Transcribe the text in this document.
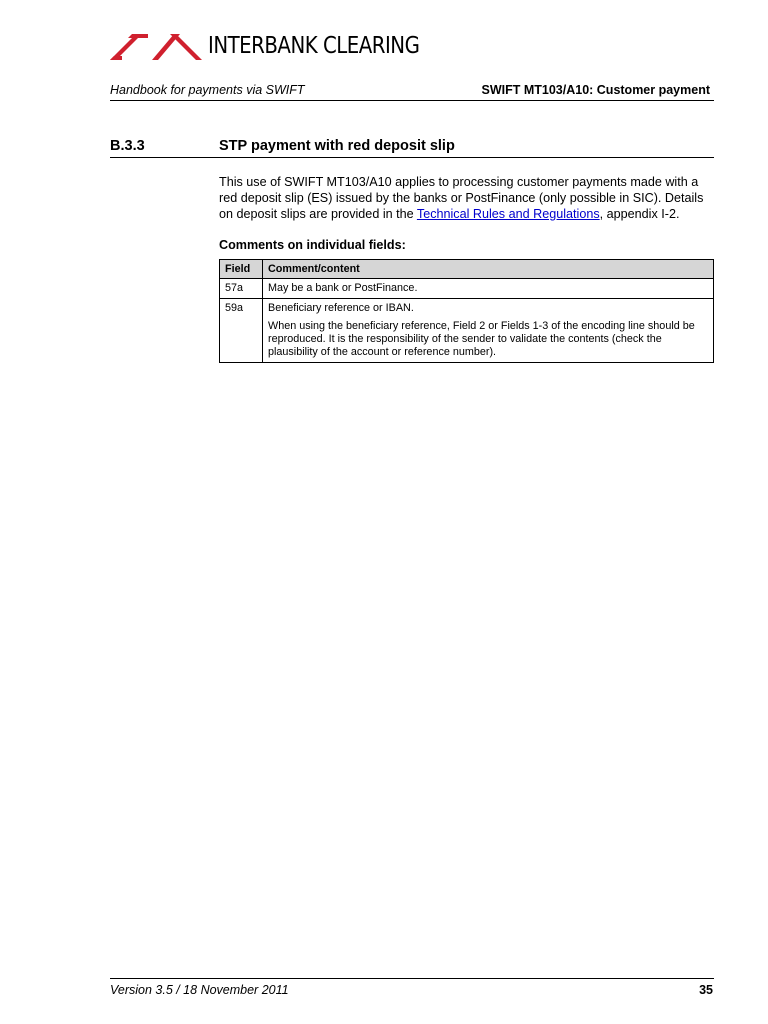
INTERBANK CLEARING
Handbook for payments via SWIFT	SWIFT MT103/A10: Customer payment
B.3.3	STP payment with red deposit slip

This use of SWIFT MT103/A10 applies to processing customer payments made with a red deposit slip (ES) issued by the banks or PostFinance (only possible in SIC). Details on deposit slips are provided in the Technical Rules and Regulations, appendix I-2.

Comments on individual fields:
Field	Comment/content
57a	May be a bank or PostFinance.

59a	Beneficiary reference or IBAN.
When using the beneficiary reference, Field 2 or Fields 1-3 of the encoding line should be reproduced. It is the responsibility of the sender to validate the contents (check the plausibility of the account or reference number).
Version 3.5 / 18 November 2011	35
